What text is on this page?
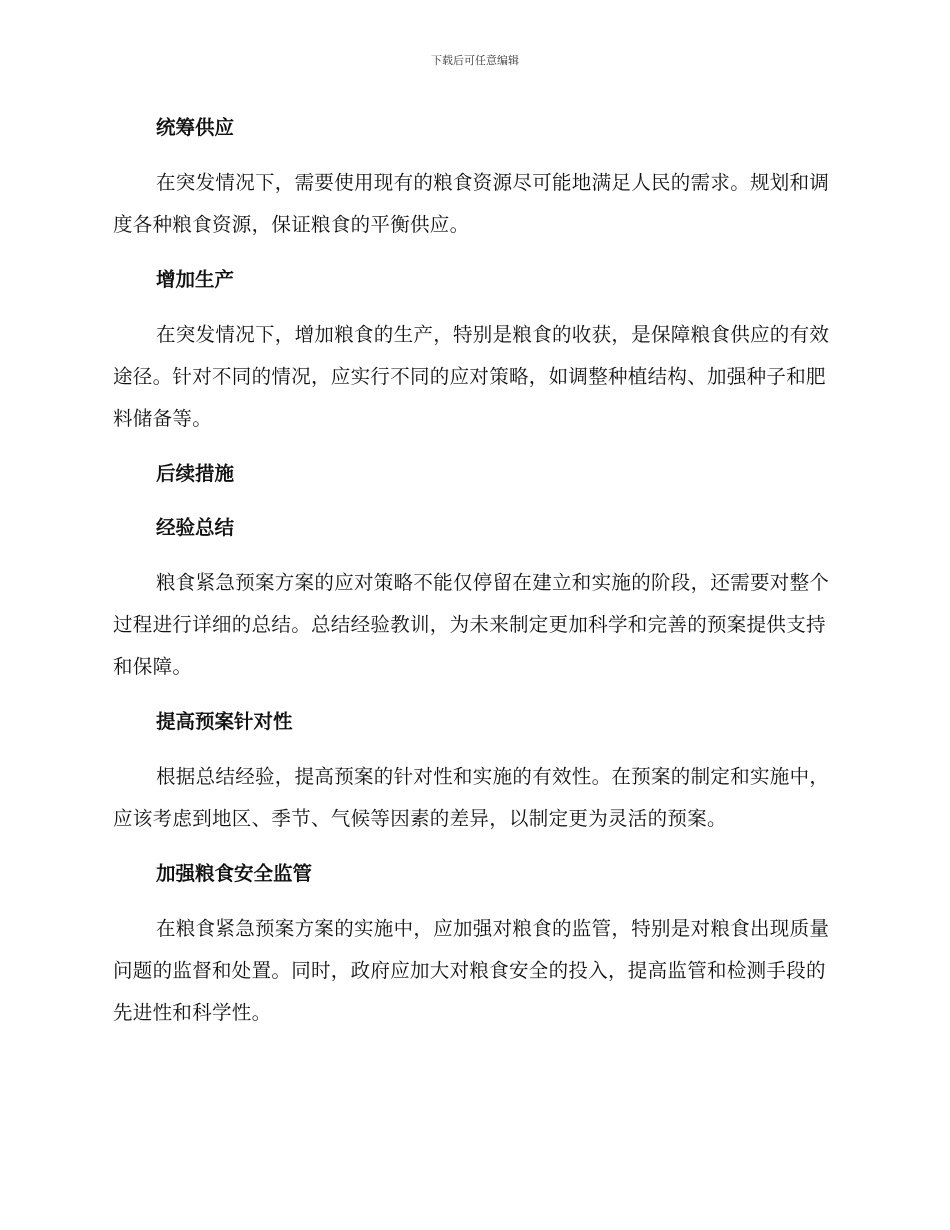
下载后可任意编辑
统筹供应

在突发情况下，需要使用现有的粮食资源尽可能地满足人民的需求。规划和调度各种粮食资源，保证粮食的平衡供应。

增加生产

在突发情况下，增加粮食的生产，特别是粮食的收获，是保障粮食供应的有效途径。针对不同的情况，应实行不同的应对策略，如调整种植结构、加强种子和肥料储备等。

后续措施
经验总结

粮食紧急预案方案的应对策略不能仅停留在建立和实施的阶段，还需要对整个过程进行详细的总结。总结经验教训，为未来制定更加科学和完善的预案提供支持和保障。

提高预案针对性

根据总结经验，提高预案的针对性和实施的有效性。在预案的制定和实施中，应该考虑到地区、季节、气候等因素的差异，以制定更为灵活的预案。

加强粮食安全监管

在粮食紧急预案方案的实施中，应加强对粮食的监管，特别是对粮食出现质量问题的监督和处置。同时，政府应加大对粮食安全的投入，提高监管和检测手段的先进性和科学性。
